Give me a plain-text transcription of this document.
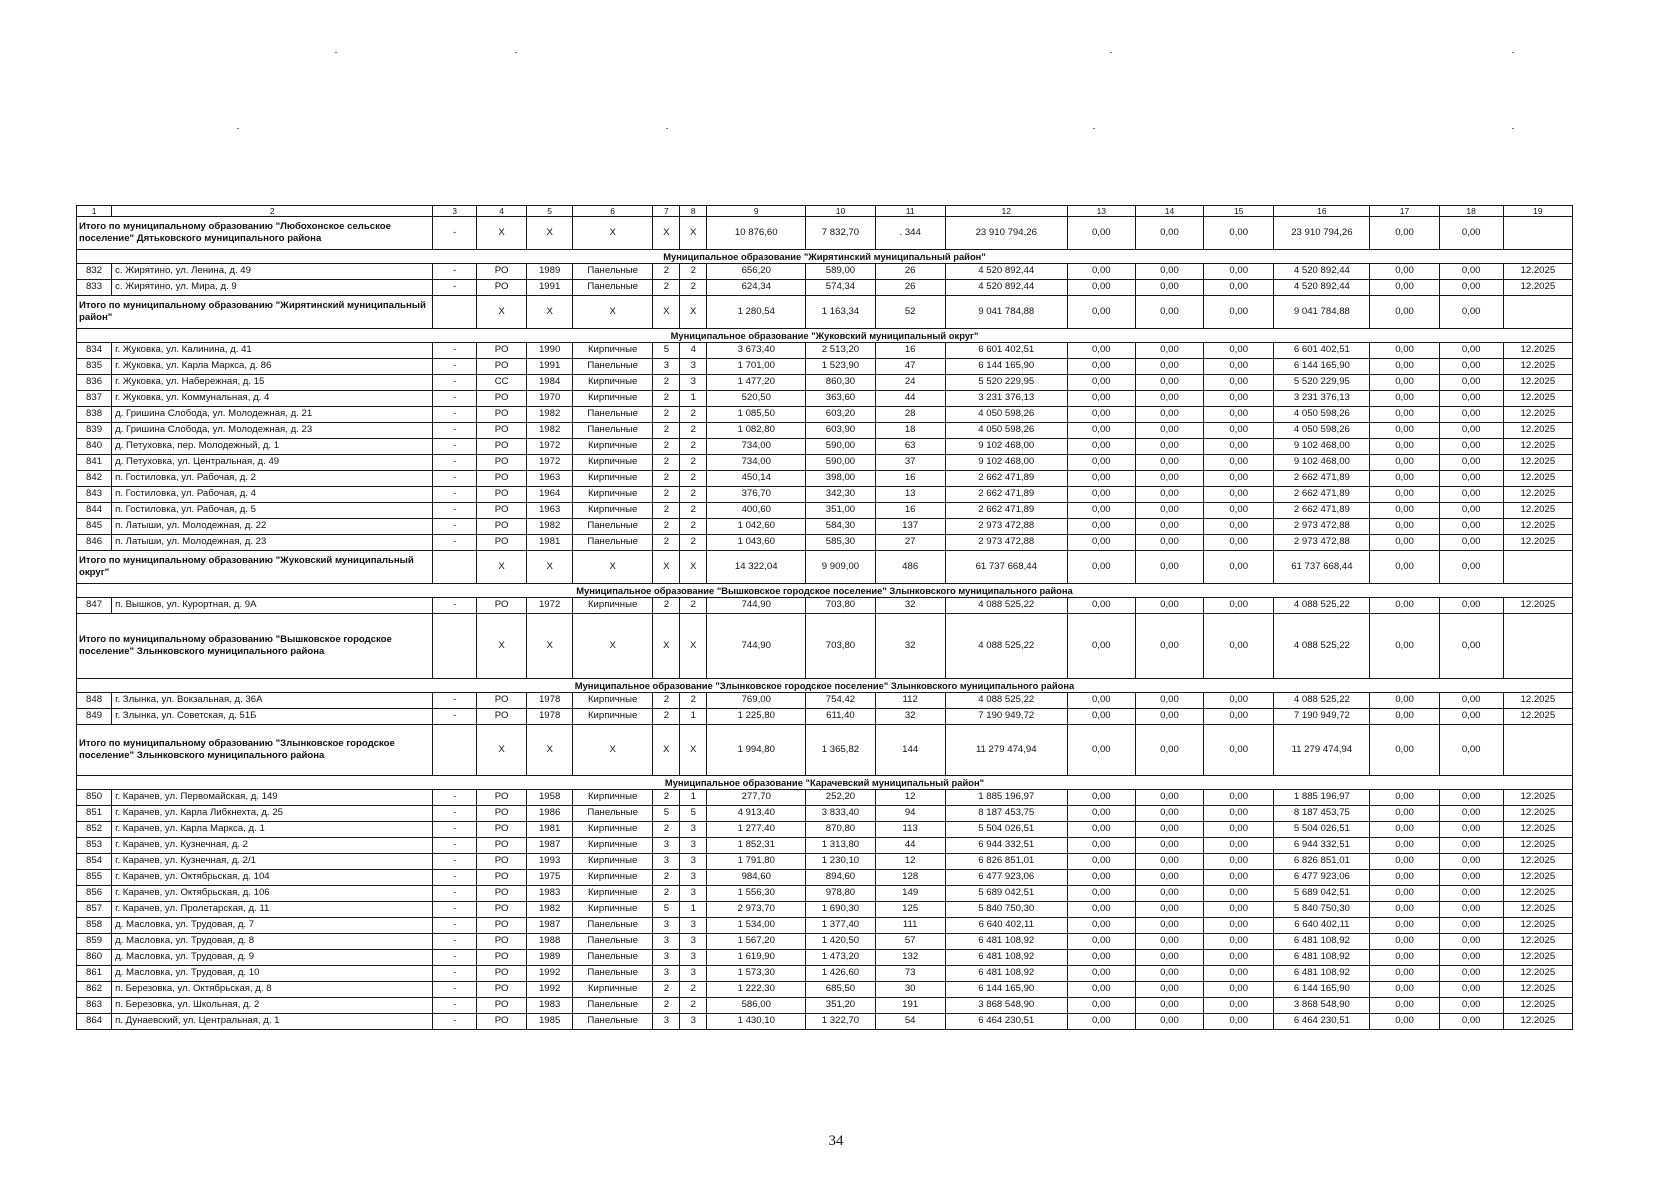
1	2	3	4	5	6	7	8	9	10	11	12	13	14	15	16	17	18	19
Итого по муниципальному образованию "Любохонское сельское поселение" Дятьковского муниципального района		-	X	X	X	X	X	10 876,60	7 832,70	. 344	23 910 794,26	0,00	0,00	0,00	23 910 794,26	0,00	0,00	
Муниципальное образование "Жирятинский муниципальный район"																		
832	с. Жирятино, ул. Ленина, д. 49	-	РО	1989	Панельные	2	2	656,20	589,00	26	4 520 892,44	0,00	0,00	0,00	4 520 892,44	0,00	0,00	12.2025
833	с. Жирятино, ул. Мира, д. 9	-	РО	1991	Панельные	2	2	624,34	574,34	26	4 520 892,44	0,00	0,00	0,00	4 520 892,44	0,00	0,00	12.2025
Итого по муниципальному образованию "Жирятинский муниципальный район"			X	X	X	X	X	1 280,54	1 163,34	52	9 041 784,88	0,00	0,00	0,00	9 041 784,88	0,00	0,00	
Муниципальное образование "Жуковский муниципальный округ"																		
834	г. Жуковка, ул. Калинина, д. 41	-	РО	1990	Кирпичные	5	4	3 673,40	2 513,20	16	6 601 402,51	0,00	0,00	0,00	6 601 402,51	0,00	0,00	12.2025
835	г. Жуковка, ул. Карла Маркса, д. 86	-	РО	1991	Панельные	3	3	1 701,00	1 523,90	47	6 144 165,90	0,00	0,00	0,00	6 144 165,90	0,00	0,00	12.2025
836	г. Жуковка, ул. Набережная, д. 15	-	СС	1984	Кирпичные	2	3	1 477,20	860,30	24	5 520 229,95	0,00	0,00	0,00	5 520 229,95	0,00	0,00	12.2025
837	г. Жуковка, ул. Коммунальная, д. 4	-	РО	1970	Кирпичные	2	1	520,50	363,60	44	3 231 376,13	0,00	0,00	0,00	3 231 376,13	0,00	0,00	12.2025
838	д. Гришина Слобода, ул. Молодежная, д. 21	-	РО	1982	Панельные	2	2	1 085,50	603,20	28	4 050 598,26	0,00	0,00	0,00	4 050 598,26	0,00	0,00	12.2025
839	д. Гришина Слобода, ул. Молодежная, д. 23	-	РО	1982	Панельные	2	2	1 082,80	603,90	18	4 050 598,26	0,00	0,00	0,00	4 050 598,26	0,00	0,00	12.2025
840	д. Петуховка, пер. Молодежный, д. 1	-	РО	1972	Кирпичные	2	2	734,00	590,00	63	9 102 468,00	0,00	0,00	0,00	9 102 468,00	0,00	0,00	12.2025
841	д. Петуховка, ул. Центральная, д. 49	-	РО	1972	Кирпичные	2	2	734,00	590,00	37	9 102 468,00	0,00	0,00	0,00	9 102 468,00	0,00	0,00	12.2025
842	п. Гостиловка, ул. Рабочая, д. 2	-	РО	1963	Кирпичные	2	2	450,14	398,00	16	2 662 471,89	0,00	0,00	0,00	2 662 471,89	0,00	0,00	12.2025
843	п. Гостиловка, ул. Рабочая, д. 4	-	РО	1964	Кирпичные	2	2	376,70	342,30	13	2 662 471,89	0,00	0,00	0,00	2 662 471,89	0,00	0,00	12.2025
844	п. Гостиловка, ул. Рабочая, д. 5	-	РО	1963	Кирпичные	2	2	400,60	351,00	16	2 662 471,89	0,00	0,00	0,00	2 662 471,89	0,00	0,00	12.2025
845	п. Латыши, ул. Молодежная, д. 22	-	РО	1982	Панельные	2	2	1 042,60	584,30	137	2 973 472,88	0,00	0,00	0,00	2 973 472,88	0,00	0,00	12.2025
846	п. Латыши, ул. Молодежная, д. 23	-	РО	1981	Панельные	2	2	1 043,60	585,30	27	2 973 472,88	0,00	0,00	0,00	2 973 472,88	0,00	0,00	12.2025
Итого по муниципальному образованию "Жуковский муниципальный округ"			X	X	X	X	X	14 322,04	9 909,00	486	61 737 668,44	0,00	0,00	0,00	61 737 668,44	0,00	0,00	
Муниципальное образование "Вышковское городское поселение" Злынковского муниципального района																		
847	п. Вышков, ул. Курортная, д. 9А	-	РО	1972	Кирпичные	2	2	744,90	703,80	32	4 088 525,22	0,00	0,00	0,00	4 088 525,22	0,00	0,00	12.2025
Итого по муниципальному образованию "Вышковское городское поселение" Злынковского муниципального района			X	X	X	X	X	744,90	703,80	32	4 088 525,22	0,00	0,00	0,00	4 088 525,22	0,00	0,00	
Муниципальное образование "Злынковское городское поселение" Злынковского муниципального района																		
848	г. Злынка, ул. Вокзальная, д. 36А	-	РО	1978	Кирпичные	2	2	769,00	754,42	112	4 088 525,22	0,00	0,00	0,00	4 088 525,22	0,00	0,00	12.2025
849	г. Злынка, ул. Советская, д. 51Б	-	РО	1978	Кирпичные	2	1	1 225,80	611,40	32	7 190 949,72	0,00	0,00	0,00	7 190 949,72	0,00	0,00	12.2025
Итого по муниципальному образованию "Злынковское городское поселение" Злынковского муниципального района			X	X	X	X	X	1 994,80	1 365,82	144	11 279 474,94	0,00	0,00	0,00	11 279 474,94	0,00	0,00	
Муниципальное образование "Карачевский муниципальный район"																		
850	г. Карачев, ул. Первомайская, д. 149	-	РО	1958	Кирпичные	2	1	277,70	252,20	12	1 885 196,97	0,00	0,00	0,00	1 885 196,97	0,00	0,00	12.2025
851	г. Карачев, ул. Карла Либкнехта, д. 25	-	РО	1986	Панельные	5	5	4 913,40	3 833,40	94	8 187 453,75	0,00	0,00	0,00	8 187 453,75	0,00	0,00	12.2025
852	г. Карачев, ул. Карла Маркса, д. 1	-	РО	1981	Кирпичные	2	3	1 277,40	870,80	113	5 504 026,51	0,00	0,00	0,00	5 504 026,51	0,00	0,00	12.2025
853	г. Карачев, ул. Кузнечная, д. 2	-	РО	1987	Кирпичные	3	3	1 852,31	1 313,80	44	6 944 332,51	0,00	0,00	0,00	6 944 332,51	0,00	0,00	12.2025
854	г. Карачев, ул. Кузнечная, д. 2/1	-	РО	1993	Кирпичные	3	3	1 791,80	1 230,10	12	6 826 851,01	0,00	0,00	0,00	6 826 851,01	0,00	0,00	12.2025
855	г. Карачев, ул. Октябрьская, д. 104	-	РО	1975	Кирпичные	2	3	984,60	894,60	128	6 477 923,06	0,00	0,00	0,00	6 477 923,06	0,00	0,00	12.2025
856	г. Карачев, ул. Октябрьская, д. 106	-	РО	1983	Кирпичные	2	3	1 556,30	978,80	149	5 689 042,51	0,00	0,00	0,00	5 689 042,51	0,00	0,00	12.2025
857	г. Карачев, ул. Пролетарская, д. 11	-	РО	1982	Кирпичные	5	1	2 973,70	1 690,30	125	5 840 750,30	0,00	0,00	0,00	5 840 750,30	0,00	0,00	12.2025
858	д. Масловка, ул. Трудовая, д. 7	-	РО	1987	Панельные	3	3	1 534,00	1 377,40	111	6 640 402,11	0,00	0,00	0,00	6 640 402,11	0,00	0,00	12.2025
859	д. Масловка, ул. Трудовая, д. 8	-	РО	1988	Панельные	3	3	1 567,20	1 420,50	57	6 481 108,92	0,00	0,00	0,00	6 481 108,92	0,00	0,00	12.2025
860	д. Масловка, ул. Трудовая, д. 9	-	РО	1989	Панельные	3	3	1 619,90	1 473,20	132	6 481 108,92	0,00	0,00	0,00	6 481 108,92	0,00	0,00	12.2025
861	д. Масловка, ул. Трудовая, д. 10	-	РО	1992	Панельные	3	3	1 573,30	1 426,60	73	6 481 108,92	0,00	0,00	0,00	6 481 108,92	0,00	0,00	12.2025
862	п. Березовка, ул. Октябрьская, д. 8	-	РО	1992	Кирпичные	2	2	1 222,30	685,50	30	6 144 165,90	0,00	0,00	0,00	6 144 165,90	0,00	0,00	12.2025
863	п. Березовка, ул. Школьная, д. 2	-	РО	1983	Панельные	2	2	586,00	351,20	191	3 868 548,90	0,00	0,00	0,00	3 868 548,90	0,00	0,00	12.2025
864	п. Дунаевский, ул. Центральная, д. 1	-	РО	1985	Панельные	3	3	1 430,10	1 322,70	54	6 464 230,51	0,00	0,00	0,00	6 464 230,51	0,00	0,00	12.2025
34
